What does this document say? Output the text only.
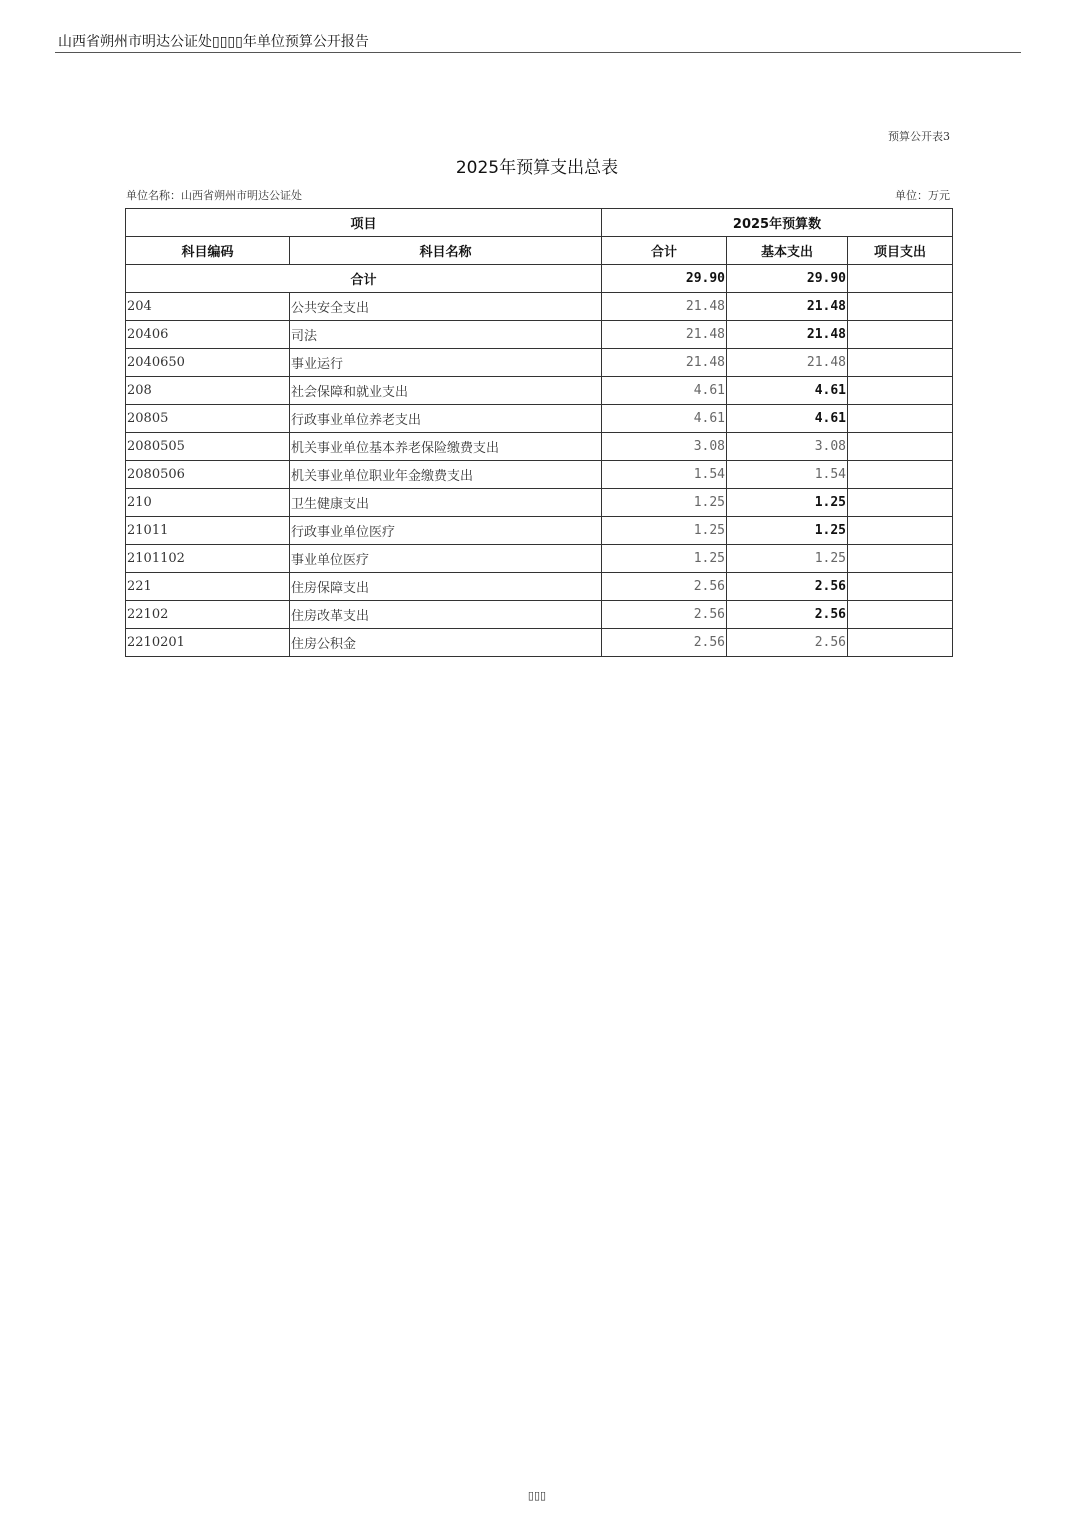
山西省朔州市明达公证处▯▯▯▯年单位预算公开报告
预算公开表3
2025年预算支出总表
单位名称：山西省朔州市明达公证处	单位：万元
项目		2025年预算数		
科目编码	科目名称	合计	基本支出	项目支出
合计		29.90	29.90	
204	公共安全支出	21.48	21.48	
20406	司法	21.48	21.48	
2040650	事业运行	21.48	21.48	
208	社会保障和就业支出	4.61	4.61	
20805	行政事业单位养老支出	4.61	4.61	
2080505	机关事业单位基本养老保险缴费支出	3.08	3.08	
2080506	机关事业单位职业年金缴费支出	1.54	1.54	
210	卫生健康支出	1.25	1.25	
21011	行政事业单位医疗	1.25	1.25	
2101102	事业单位医疗	1.25	1.25	
221	住房保障支出	2.56	2.56	
22102	住房改革支出	2.56	2.56	
2210201	住房公积金	2.56	2.56	
▯▯▯
